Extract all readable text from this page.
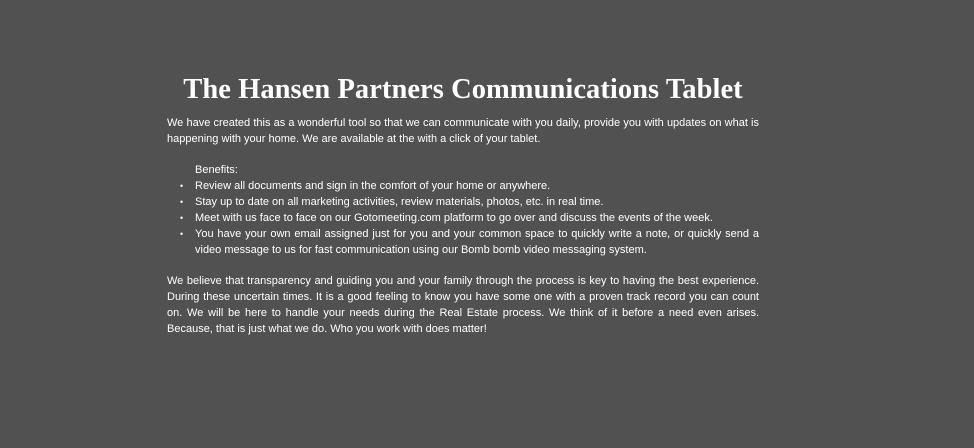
The Hansen Partners Communications Tablet

We have created this as a wonderful tool so that we can communicate with you daily, provide you with updates on what is happening with your home. We are available at the with a click of your tablet.

Benefits:

• Review all documents and sign in the comfort of your home or anywhere.
• Stay up to date on all marketing activities, review materials, photos, etc. in real time.
• Meet with us face to face on our Gotomeeting.com platform to go over and discuss the events of the week.
• You have your own email assigned just for you and your common space to quickly write a note, or quickly send a video message to us for fast communication using our Bomb bomb video messaging system.

We believe that transparency and guiding you and your family through the process is key to having the best experience. During these uncertain times. It is a good feeling to know you have some one with a proven track record you can count on. We will be here to handle your needs during the Real Estate process. We think of it before a need even arises. Because, that is just what we do. Who you work with does matter!
